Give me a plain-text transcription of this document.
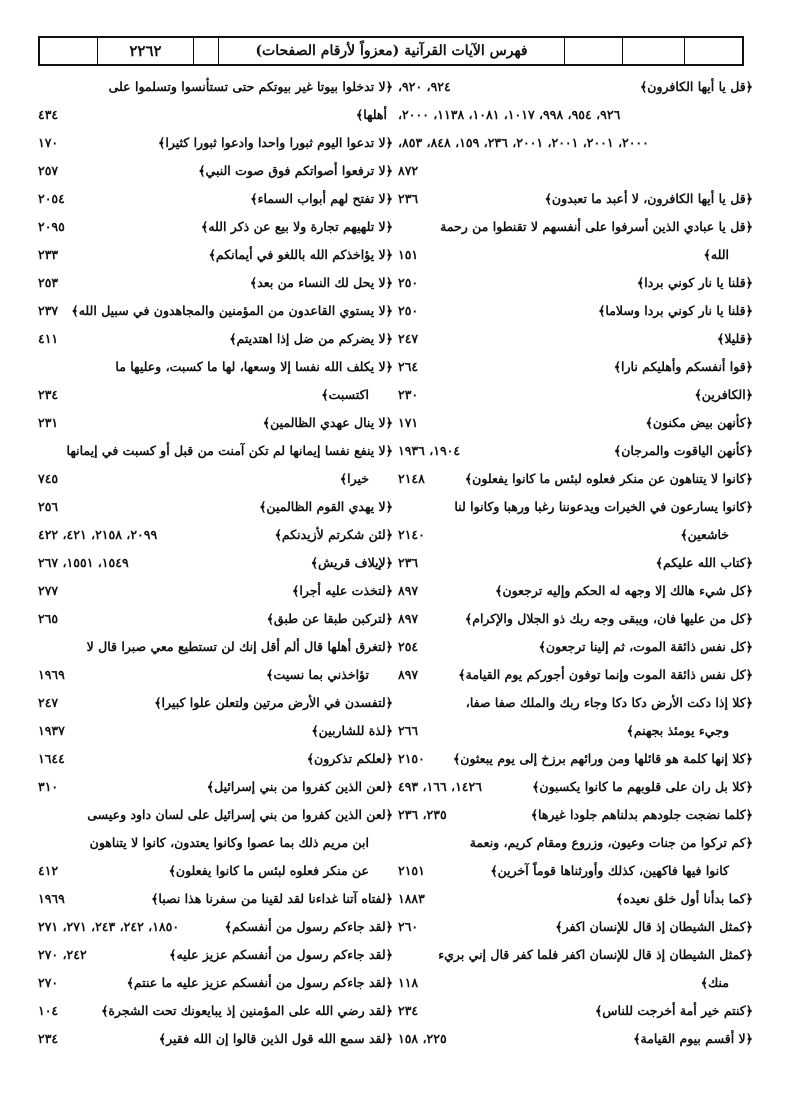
٢٢٦٢	فهرس الآيات القرآنية (معزواً لأرقام الصفحات)
﴿قل يا أيها الكافرون﴾
٩٢٤، ٩٢٠،
٩٢٦، ٩٥٤، ٩٩٨، ١٠١٧، ١٠٨١، ١١٣٨، ٢٠٠٠،
٢٠٠٠، ٢٠٠١، ٢٠٠١، ٢٠٠١، ٢٣٦، ١٥٩، ٨٤٨، ٨٥٣،
٨٧٢
﴿قل يا أيها الكافرون، لا أعبد ما تعبدون﴾
٢٣٦
﴿قل يا عبادي الذين أسرفوا على أنفسهم لا تقنطوا من رحمة
الله﴾
١٥١
﴿قلنا يا نار كوني بردا﴾
٢٥٠
﴿قلنا يا نار كوني بردا وسلاما﴾
٢٥٠
﴿قليلا﴾
٢٤٧
﴿قوا أنفسكم وأهليكم نارا﴾
٢٦٤
﴿الكافرين﴾
٢٣٠
﴿كأنهن بيض مكنون﴾
١٧١
﴿كأنهن الياقوت والمرجان﴾
١٩٠٤، ١٩٣٦
﴿كانوا لا يتناهون عن منكر فعلوه لبئس ما كانوا يفعلون﴾
٢١٤٨
﴿كانوا يسارعون في الخيرات ويدعوننا رغبا ورهبا وكانوا لنا
خاشعين﴾
٢١٤٠
﴿كتاب الله عليكم﴾
٢٣٦
﴿كل شيء هالك إلا وجهه له الحكم وإليه ترجعون﴾
٨٩٧
﴿كل من عليها فان، ويبقى وجه ربك ذو الجلال والإكرام﴾
٨٩٧
﴿كل نفس ذائقة الموت، ثم إلينا ترجعون﴾
٢٥٤
﴿كل نفس ذائقة الموت وإنما توفون أجوركم يوم القيامة﴾
٨٩٧
﴿كلا إذا دكت الأرض دكا دكا وجاء ربك والملك صفا صفا،
وجيء يومئذ بجهنم﴾
٢٦٦
﴿كلا إنها كلمة هو قائلها ومن ورائهم برزخ إلى يوم يبعثون﴾
٢١٥٠
﴿كلا بل ران على قلوبهم ما كانوا يكسبون﴾
١٤٢٦، ١٦٦، ٤٩٣
﴿كلما نضجت جلودهم بدلناهم جلودا غيرها﴾
٢٣٥، ٢٣٦
﴿كم تركوا من جنات وعيون، وزروع ومقام كريم، ونعمة
كانوا فيها فاكهين، كذلك وأورثناها قوماً آخرين﴾
٢١٥١
﴿كما بدأنا أول خلق نعيده﴾
١٨٨٣
﴿كمثل الشيطان إذ قال للإنسان اكفر﴾
٢٦٠
﴿كمثل الشيطان إذ قال للإنسان اكفر فلما كفر قال إني بريء
منك﴾
١١٨
﴿كنتم خير أمة أخرجت للناس﴾
٢٣٤
﴿لا أقسم بيوم القيامة﴾
٢٢٥، ١٥٨
﴿لا تدخلوا بيوتا غير بيوتكم حتى تستأنسوا وتسلموا على
أهلها﴾
٤٣٤
﴿لا تدعوا اليوم ثبورا واحدا وادعوا ثبورا كثيرا﴾
١٧٠
﴿لا ترفعوا أصواتكم فوق صوت النبي﴾
٢٥٧
﴿لا تفتح لهم أبواب السماء﴾
٢٠٥٤
﴿لا تلهيهم تجارة ولا بيع عن ذكر الله﴾
٢٠٩٥
﴿لا يؤاخذكم الله باللغو في أيمانكم﴾
٢٣٣
﴿لا يحل لك النساء من بعد﴾
٢٥٣
﴿لا يستوي القاعدون من المؤمنين والمجاهدون في سبيل الله﴾
٢٣٧
﴿لا يضركم من ضل إذا اهتديتم﴾
٤١١
﴿لا يكلف الله نفسا إلا وسعها، لها ما كسبت، وعليها ما
اكتسبت﴾
٢٣٤
﴿لا ينال عهدي الظالمين﴾
٢٣١
﴿لا ينفع نفسا إيمانها لم تكن آمنت من قبل أو كسبت في إيمانها
خيرا﴾
٧٤٥
﴿لا يهدي القوم الظالمين﴾
٢٥٦
﴿لئن شكرتم لأزيدنكم﴾
٢٠٩٩، ٢١٥٨، ٤٢١، ٤٢٢
﴿لإيلاف قريش﴾
١٥٤٩، ١٥٥١، ٢٦٧
﴿لتخذت عليه أجرا﴾
٢٧٧
﴿لتركبن طبقا عن طبق﴾
٢٦٥
﴿لتغرق أهلها قال ألم أقل إنك لن تستطيع معي صبرا قال لا
تؤاخذني بما نسيت﴾
١٩٦٩
﴿لتفسدن في الأرض مرتين ولتعلن علوا كبيرا﴾
٢٤٧
﴿لذة للشاربين﴾
١٩٣٧
﴿لعلكم تذكرون﴾
١٦٤٤
﴿لعن الذين كفروا من بني إسرائيل﴾
٣١٠
﴿لعن الذين كفروا من بني إسرائيل على لسان داود وعيسى
ابن مريم ذلك بما عصوا وكانوا يعتدون، كانوا لا يتناهون
عن منكر فعلوه لبئس ما كانوا يفعلون﴾
٤١٢
﴿لفتاه آتنا غداءنا لقد لقينا من سفرنا هذا نصبا﴾
١٩٦٩
﴿لقد جاءكم رسول من أنفسكم﴾
١٨٥٠، ٢٤٢، ٢٤٣، ٢٧١، ٢٧١
﴿لقد جاءكم رسول من أنفسكم عزيز عليه﴾
٢٤٢، ٢٧٠
﴿لقد جاءكم رسول من أنفسكم عزيز عليه ما عنتم﴾
٢٧٠
﴿لقد رضي الله على المؤمنين إذ يبايعونك تحت الشجرة﴾
١٠٤
﴿لقد سمع الله قول الذين قالوا إن الله فقير﴾
٢٣٤
